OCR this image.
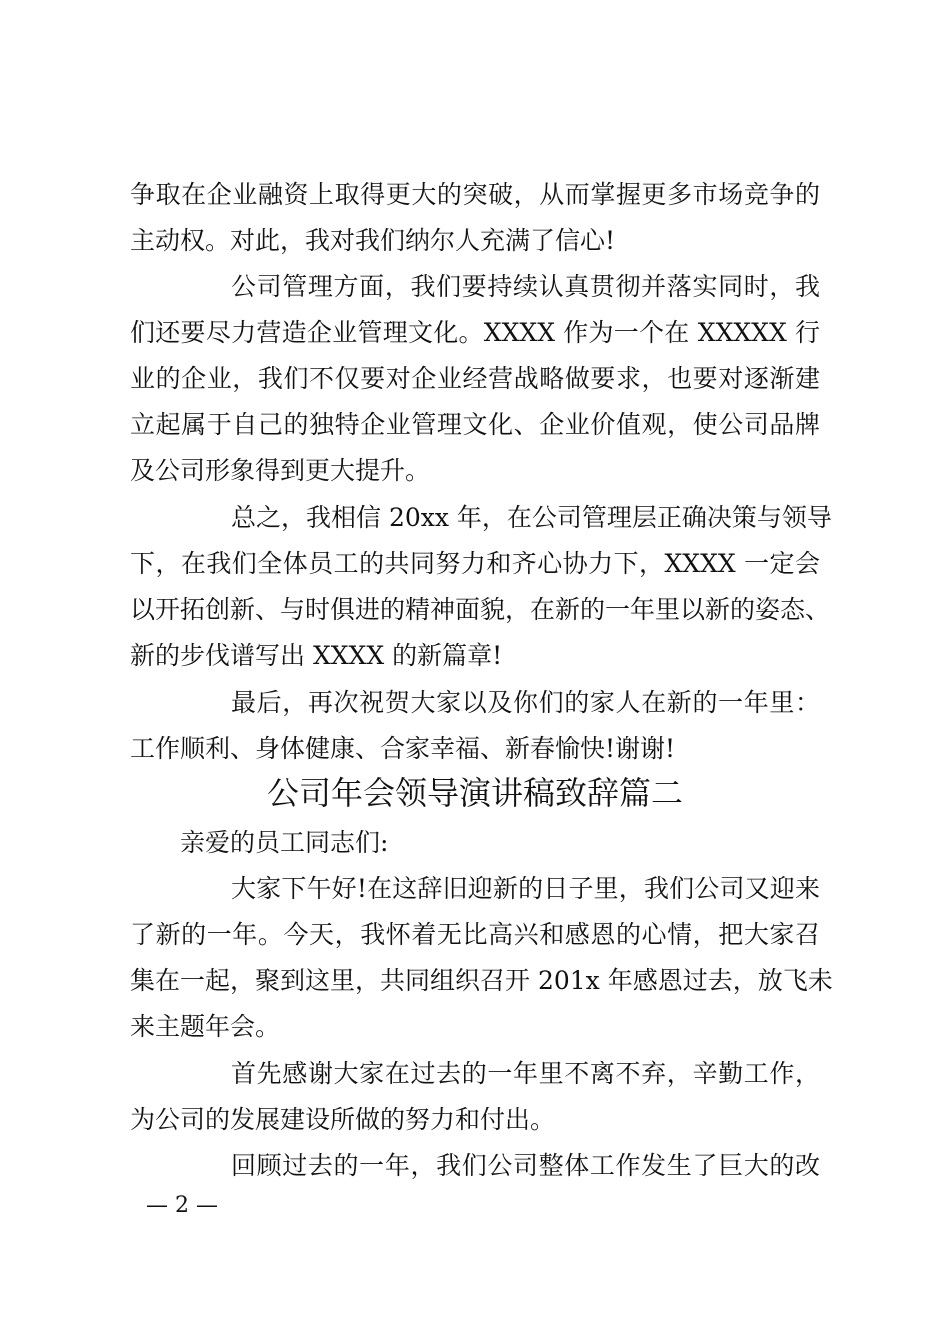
争取在企业融资上取得更大的突破，从而掌握更多市场竞争的
主动权。对此，我对我们纳尔人充满了信心!
公司管理方面，我们要持续认真贯彻并落实同时，我
们还要尽力营造企业管理文化。XXXX 作为一个在 XXXXX 行
业的企业，我们不仅要对企业经营战略做要求，也要对逐渐建
立起属于自己的独特企业管理文化、企业价值观，使公司品牌
及公司形象得到更大提升。
总之，我相信 20xx 年，在公司管理层正确决策与领导
下，在我们全体员工的共同努力和齐心协力下，XXXX 一定会
以开拓创新、与时俱进的精神面貌，在新的一年里以新的姿态、
新的步伐谱写出 XXXX 的新篇章!
最后，再次祝贺大家以及你们的家人在新的一年里：
工作顺利、身体健康、合家幸福、新春愉快!谢谢!
公司年会领导演讲稿致辞篇二
亲爱的员工同志们:
大家下午好!在这辞旧迎新的日子里，我们公司又迎来
了新的一年。今天，我怀着无比高兴和感恩的心情，把大家召
集在一起，聚到这里，共同组织召开 201x 年感恩过去，放飞未
来主题年会。
首先感谢大家在过去的一年里不离不弃，辛勤工作，
为公司的发展建设所做的努力和付出。
回顾过去的一年，我们公司整体工作发生了巨大的改
— 2 —
